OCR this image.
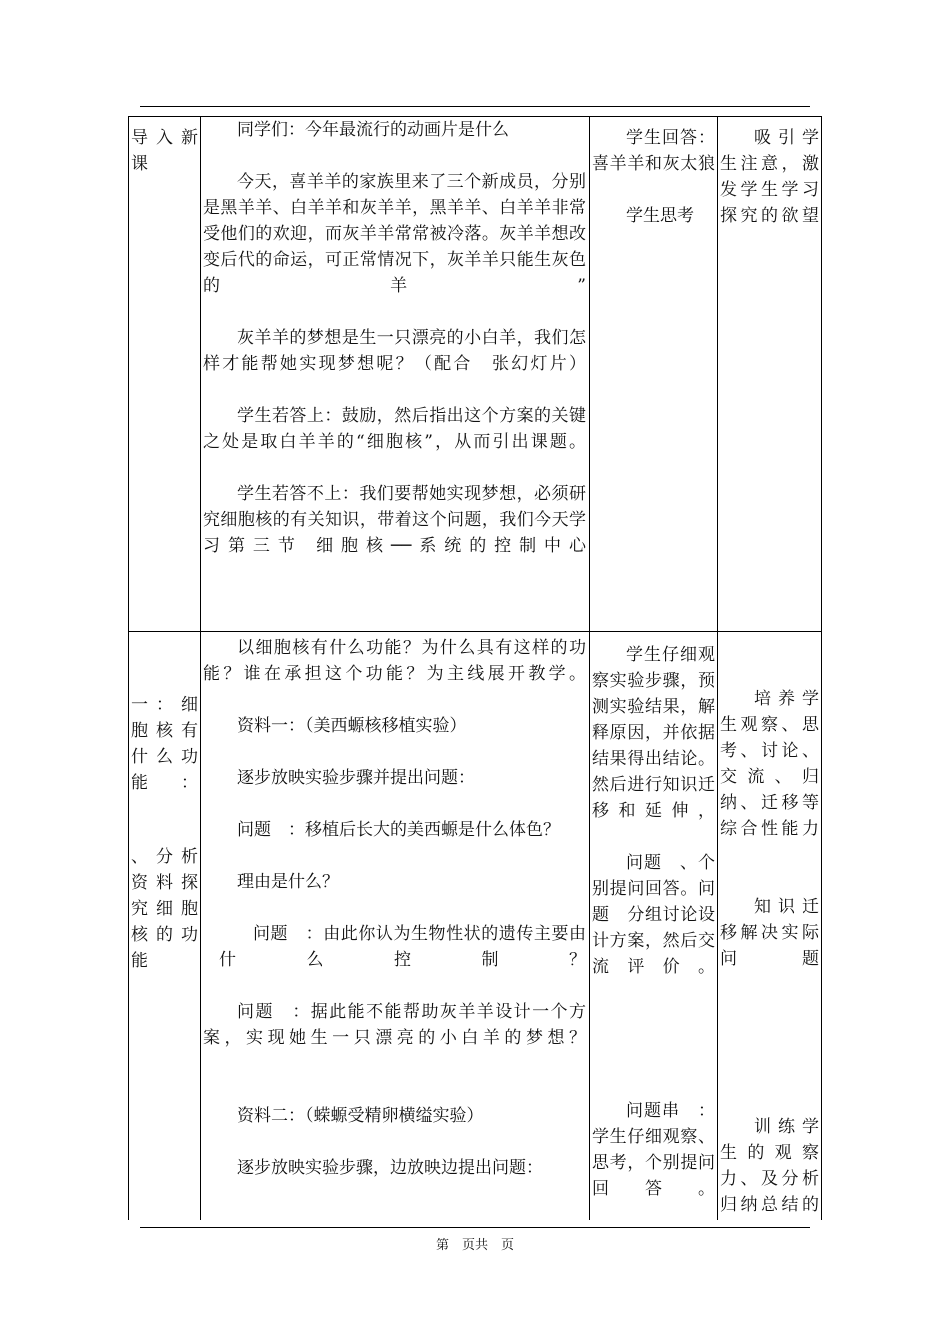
导 入 新课

同学们：今年最流行的动画片是什么

今天，喜羊羊的家族里来了三个新成员，分别是黑羊羊、白羊羊和灰羊羊，黑羊羊、白羊羊非常受他们的欢迎，而灰羊羊常常被冷落。灰羊羊想改变后代的命运，可正常情况下，灰羊羊只能生灰色的羊”

灰羊羊的梦想是生一只漂亮的小白羊，我们怎样才能帮她实现梦想呢？（配合　张幻灯片）

学生若答上：鼓励，然后指出这个方案的关键之处是取白羊羊的“细胞核”，从而引出课题。

学生若答不上：我们要帮她实现梦想，必须研究细胞核的有关知识，带着这个问题，我们今天学习第三节 细胞核──系统的控制中心

学生回答：喜羊羊和灰太狼

学生思考

吸引学生注意，激发学生学习探究的欲望

一：细胞核有什么功能：

、分析资料探究细胞核的功能

以细胞核有什么功能？为什么具有这样的功能？谁在承担这个功能？为主线展开教学。

资料一：（美西螈核移植实验）

逐步放映实验步骤并提出问题：

问题　：移植后长大的美西螈是什么体色？

理由是什么？

问题　：由此你认为生物性状的遗传主要由什么控制？

问题　：据此能不能帮助灰羊羊设计一个方案，实现她生一只漂亮的小白羊的梦想？

资料二：（蝾螈受精卵横缢实验）

逐步放映实验步骤，边放映边提出问题：

学生仔细观察实验步骤，预测实验结果，解释原因，并依据结果得出结论。然后进行知识迁移和延伸，

问题　、个别提问回答。问题　分组讨论设计方案，然后交流评价。

问题串　：学生仔细观察、思考，个别提问回答。

培养学生观察、思考、讨论、交流、归纳、迁移等综合性能力

知识迁移解决实际问题

训练学生的观察力、及分析归纳总结的

第　页共　页
